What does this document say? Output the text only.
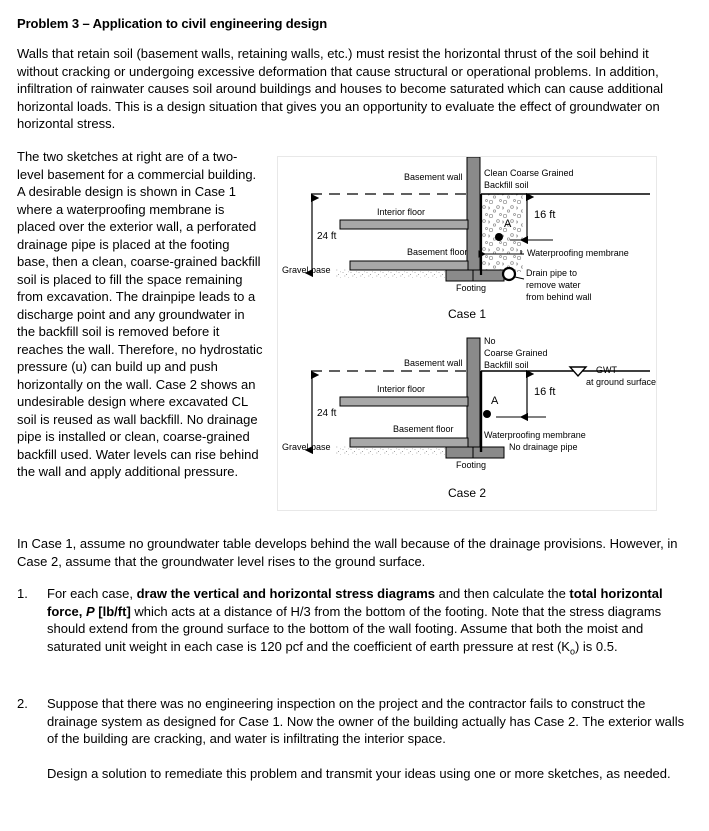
Problem 3 – Application to civil engineering design
Walls that retain soil (basement walls, retaining walls, etc.) must resist the horizontal thrust of the soil behind it without cracking or undergoing excessive deformation that cause structural or operational problems. In addition, infiltration of rainwater causes soil around buildings and houses to become saturated which can cause additional horizontal loads. This is a design situation that gives you an opportunity to evaluate the effect of groundwater on horizontal stress.
The two sketches at right are of a two-level basement for a commercial building. A desirable design is shown in Case 1 where a waterproofing membrane is placed over the exterior wall, a perforated drainage pipe is placed at the footing base, then a clean, coarse-grained backfill soil is placed to fill the space remaining from excavation. The drainpipe leads to a discharge point and any groundwater in the backfill soil is removed before it reaches the wall. Therefore, no hydrostatic pressure (u) can build up and push horizontally on the wall. Case 2 shows an undesirable design where excavated CL soil is reused as wall backfill. No drainage pipe is installed or clean, coarse-grained backfill used. Water levels can rise behind the wall and apply additional pressure.
Basement wall Clean Coarse Grained
Backfill soil
Interior floor
Basement floor
Gravel base
Footing
24 ft
16 ft
A
Waterproofing membrane
Drain pipe to
remove water
from behind wall
Case 1
Basement wall
No
Coarse Grained
Backfill soil
Interior floor
Basement floor
Gravel base
Footing
24 ft
16 ft
A
Waterproofing membrane
No drainage pipe
GWT
at ground surface
Case 2
In Case 1, assume no groundwater table develops behind the wall because of the drainage provisions. However, in Case 2, assume that the groundwater level rises to the ground surface.
1.	For each case, draw the vertical and horizontal stress diagrams and then calculate the total horizontal force, P [lb/ft] which acts at a distance of H/3 from the bottom of the footing. Note that the stress diagrams should extend from the ground surface to the bottom of the wall footing. Assume that both the moist and saturated unit weight in each case is 120 pcf and the coefficient of earth pressure at rest $(K_o)$ is 0.5.
2.	Suppose that there was no engineering inspection on the project and the contractor fails to construct the drainage system as designed for Case 1. Now the owner of the building actually has Case 2. The exterior walls of the building are cracking, and water is infiltrating the interior space.
Design a solution to remediate this problem and transmit your ideas using one or more sketches, as needed.
